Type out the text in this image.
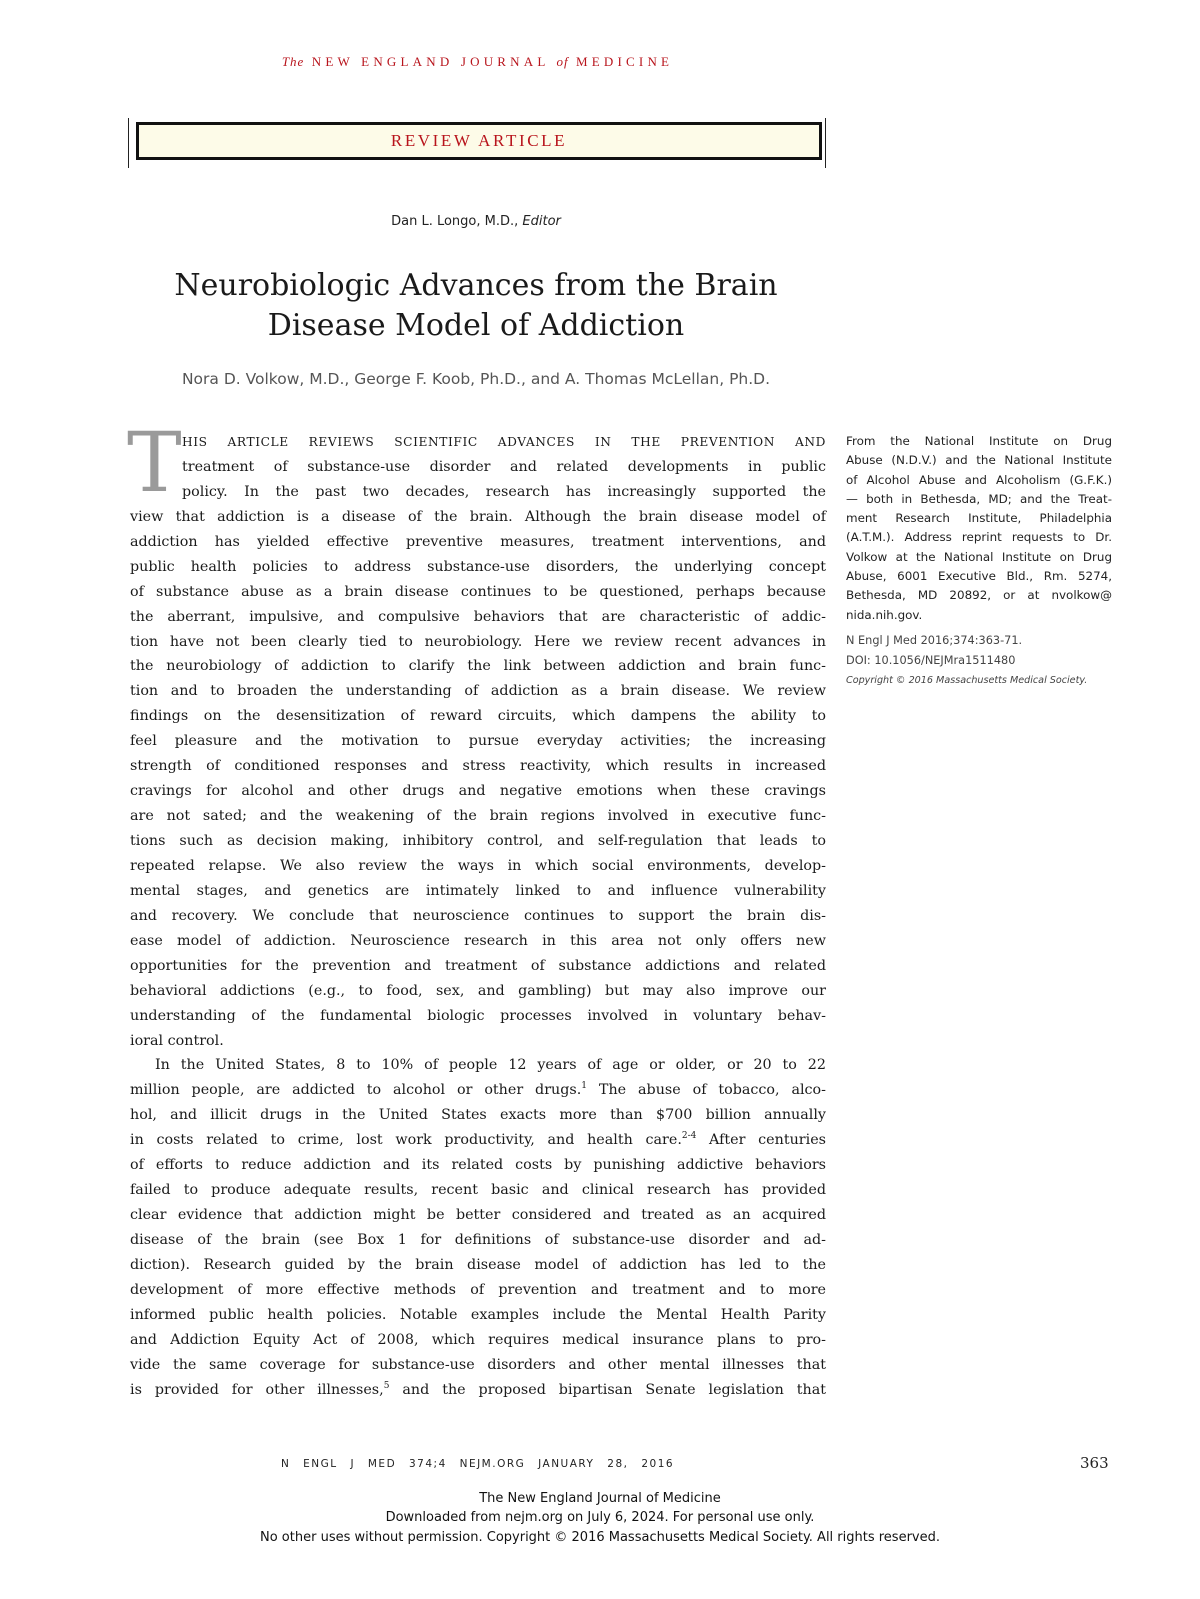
The NEW ENGLAND JOURNAL of MEDICINE
REVIEW ARTICLE
Dan L. Longo, M.D., Editor
Neurobiologic Advances from the Brain
Disease Model of Addiction
Nora D. Volkow, M.D., George F. Koob, Ph.D., and A. Thomas McLellan, Ph.D.
T HIS ARTICLE REVIEWS SCIENTIFIC ADVANCES IN THE PREVENTION AND
treatment of substance-use disorder and related developments in public
policy. In the past two decades, research has increasingly supported the
view that addiction is a disease of the brain. Although the brain disease model of
addiction has yielded effective preventive measures, treatment interventions, and
public health policies to address substance-use disorders, the underlying concept
of substance abuse as a brain disease continues to be questioned, perhaps because
the aberrant, impulsive, and compulsive behaviors that are characteristic of addic-
tion have not been clearly tied to neurobiology. Here we review recent advances in
the neurobiology of addiction to clarify the link between addiction and brain func-
tion and to broaden the understanding of addiction as a brain disease. We review
findings on the desensitization of reward circuits, which dampens the ability to
feel pleasure and the motivation to pursue everyday activities; the increasing
strength of conditioned responses and stress reactivity, which results in increased
cravings for alcohol and other drugs and negative emotions when these cravings
are not sated; and the weakening of the brain regions involved in executive func-
tions such as decision making, inhibitory control, and self-regulation that leads to
repeated relapse. We also review the ways in which social environments, develop-
mental stages, and genetics are intimately linked to and influence vulnerability
and recovery. We conclude that neuroscience continues to support the brain dis-
ease model of addiction. Neuroscience research in this area not only offers new
opportunities for the prevention and treatment of substance addictions and related
behavioral addictions (e.g., to food, sex, and gambling) but may also improve our
understanding of the fundamental biologic processes involved in voluntary behav-
ioral control.
In the United States, 8 to 10% of people 12 years of age or older, or 20 to 22
million people, are addicted to alcohol or other drugs.$^1$ The abuse of tobacco, alco-
hol, and illicit drugs in the United States exacts more than $700 billion annually
in costs related to crime, lost work productivity, and health care.$^{2-4}$ After centuries
of efforts to reduce addiction and its related costs by punishing addictive behaviors
failed to produce adequate results, recent basic and clinical research has provided
clear evidence that addiction might be better considered and treated as an acquired
disease of the brain (see Box 1 for definitions of substance-use disorder and ad-
diction). Research guided by the brain disease model of addiction has led to the
development of more effective methods of prevention and treatment and to more
informed public health policies. Notable examples include the Mental Health Parity
and Addiction Equity Act of 2008, which requires medical insurance plans to pro-
vide the same coverage for substance-use disorders and other mental illnesses that
is provided for other illnesses,$^5$ and the proposed bipartisan Senate legislation that
From the National Institute on Drug
Abuse (N.D.V.) and the National Institute
of Alcohol Abuse and Alcoholism (G.F.K.)
— both in Bethesda, MD; and the Treat-
ment Research Institute, Philadelphia
(A.T.M.). Address reprint requests to Dr.
Volkow at the National Institute on Drug
Abuse, 6001 Executive Bld., Rm. 5274,
Bethesda, MD 20892, or at nvolkow@
nida.nih.gov.
N Engl J Med 2016;374:363-71.
DOI: 10.1056/NEJMra1511480
Copyright © 2016 Massachusetts Medical Society.
N ENGL J MED 374;4 NEJM.ORG JANUARY 28, 2016	363
The New England Journal of Medicine
Downloaded from nejm.org on July 6, 2024. For personal use only.
No other uses without permission. Copyright © 2016 Massachusetts Medical Society. All rights reserved.
